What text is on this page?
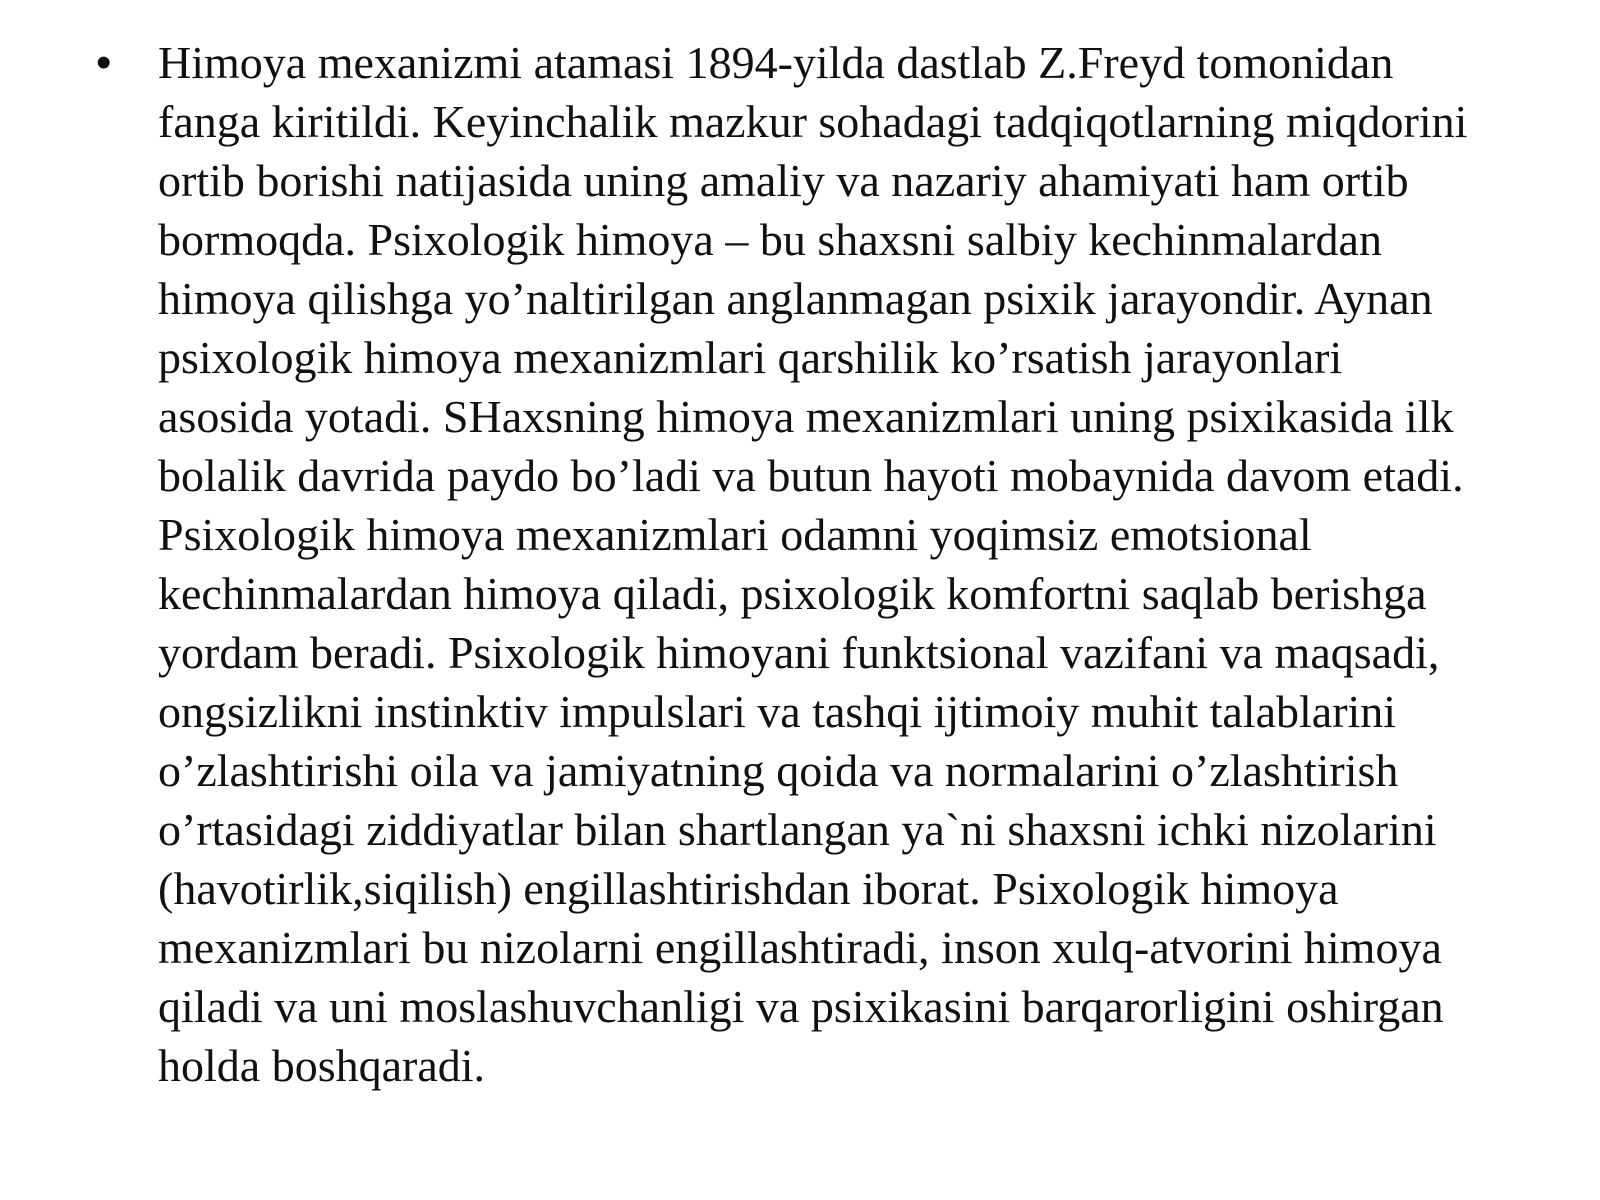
• Himoya mexanizmi atamasi 1894-yilda dastlab Z.Freyd tomonidan
fanga kiritildi. Keyinchalik mazkur sohadagi tadqiqotlarning miqdorini
ortib borishi natijasida uning amaliy va nazariy ahamiyati ham ortib
bormoqda. Psixologik himoya – bu shaxsni salbiy kechinmalardan
himoya qilishga yo’naltirilgan anglanmagan psixik jarayondir. Aynan
psixologik himoya mexanizmlari qarshilik ko’rsatish jarayonlari
asosida yotadi. SHaxsning himoya mexanizmlari uning psixikasida ilk
bolalik davrida paydo bo’ladi va butun hayoti mobaynida davom etadi.
Psixologik himoya mexanizmlari odamni yoqimsiz emotsional
kechinmalardan himoya qiladi, psixologik komfortni saqlab berishga
yordam beradi. Psixologik himoyani funktsional vazifani va maqsadi,
ongsizlikni instinktiv impulslari va tashqi ijtimoiy muhit talablarini
o’zlashtirishi oila va jamiyatning qoida va normalarini o’zlashtirish
o’rtasidagi ziddiyatlar bilan shartlangan ya`ni shaxsni ichki nizolarini
(havotirlik,siqilish) engillashtirishdan iborat. Psixologik himoya
mexanizmlari bu nizolarni engillashtiradi, inson xulq-atvorini himoya
qiladi va uni moslashuvchanligi va psixikasini barqarorligini oshirgan
holda boshqaradi.
